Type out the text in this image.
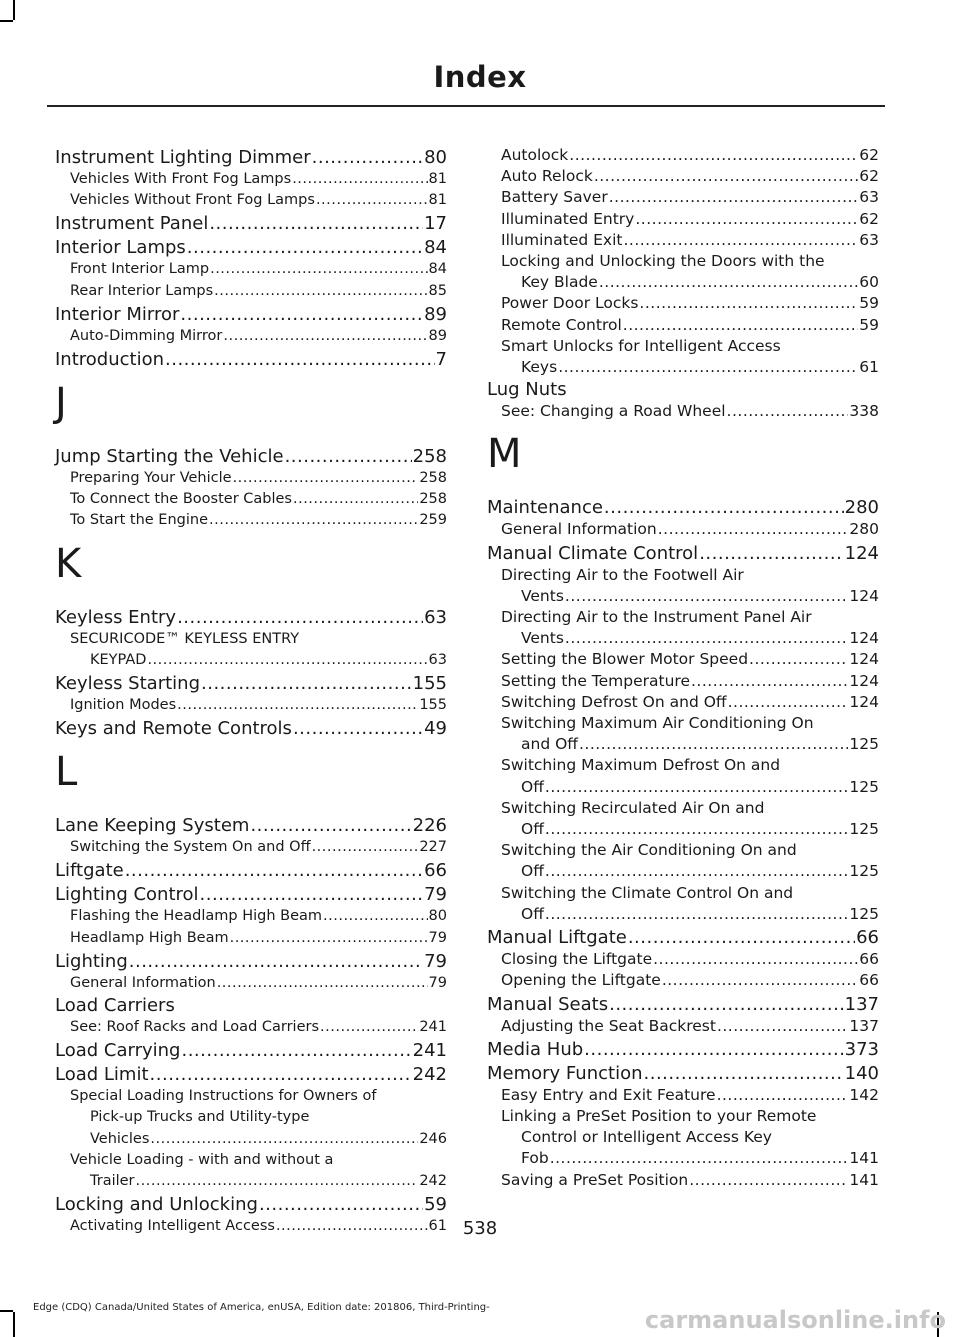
Index
Instrument Lighting Dimmer .....	80
Vehicles With Front Fog Lamps .....	81
Vehicles Without Front Fog Lamps .....	81
Instrument Panel .....	17
Interior Lamps .....	84
Front Interior Lamp .....	84
Rear Interior Lamps .....	85
Interior Mirror .....	89
Auto-Dimming Mirror .....	89
Introduction .....	7
J
Jump Starting the Vehicle .....	258
Preparing Your Vehicle .....	258
To Connect the Booster Cables .....	258
To Start the Engine .....	259
K
Keyless Entry .....	63
SECURICODE™ KEYLESS ENTRY
KEYPAD .....	63
Keyless Starting .....	155
Ignition Modes .....	155
Keys and Remote Controls .....	49
L
Lane Keeping System .....	226
Switching the System On and Off .....	227
Liftgate .....	66
Lighting Control .....	79
Flashing the Headlamp High Beam .....	80
Headlamp High Beam .....	79
Lighting .....	79
General Information .....	79
Load Carriers
See: Roof Racks and Load Carriers .....	241
Load Carrying .....	241
Load Limit .....	242
Special Loading Instructions for Owners of
Pick-up Trucks and Utility-type
Vehicles .....	246
Vehicle Loading - with and without a
Trailer .....	242
Locking and Unlocking .....	59
Activating Intelligent Access .....	61
Autolock .....	62
Auto Relock .....	62
Battery Saver .....	63
Illuminated Entry .....	62
Illuminated Exit .....	63
Locking and Unlocking the Doors with the
Key Blade .....	60
Power Door Locks .....	59
Remote Control .....	59
Smart Unlocks for Intelligent Access
Keys .....	61
Lug Nuts
See: Changing a Road Wheel .....	338
M
Maintenance .....	280
General Information .....	280
Manual Climate Control .....	124
Directing Air to the Footwell Air
Vents .....	124
Directing Air to the Instrument Panel Air
Vents .....	124
Setting the Blower Motor Speed .....	124
Setting the Temperature .....	124
Switching Defrost On and Off .....	124
Switching Maximum Air Conditioning On
and Off .....	125
Switching Maximum Defrost On and
Off .....	125
Switching Recirculated Air On and
Off .....	125
Switching the Air Conditioning On and
Off .....	125
Switching the Climate Control On and
Off .....	125
Manual Liftgate .....	66
Closing the Liftgate .....	66
Opening the Liftgate .....	66
Manual Seats .....	137
Adjusting the Seat Backrest .....	137
Media Hub .....	373
Memory Function .....	140
Easy Entry and Exit Feature .....	142
Linking a PreSet Position to your Remote
Control or Intelligent Access Key
Fob .....	141
Saving a PreSet Position .....	141
538
Edge (CDQ) Canada/United States of America, enUSA, Edition date: 201806, Third-Printing-	carmanualsonline.info
